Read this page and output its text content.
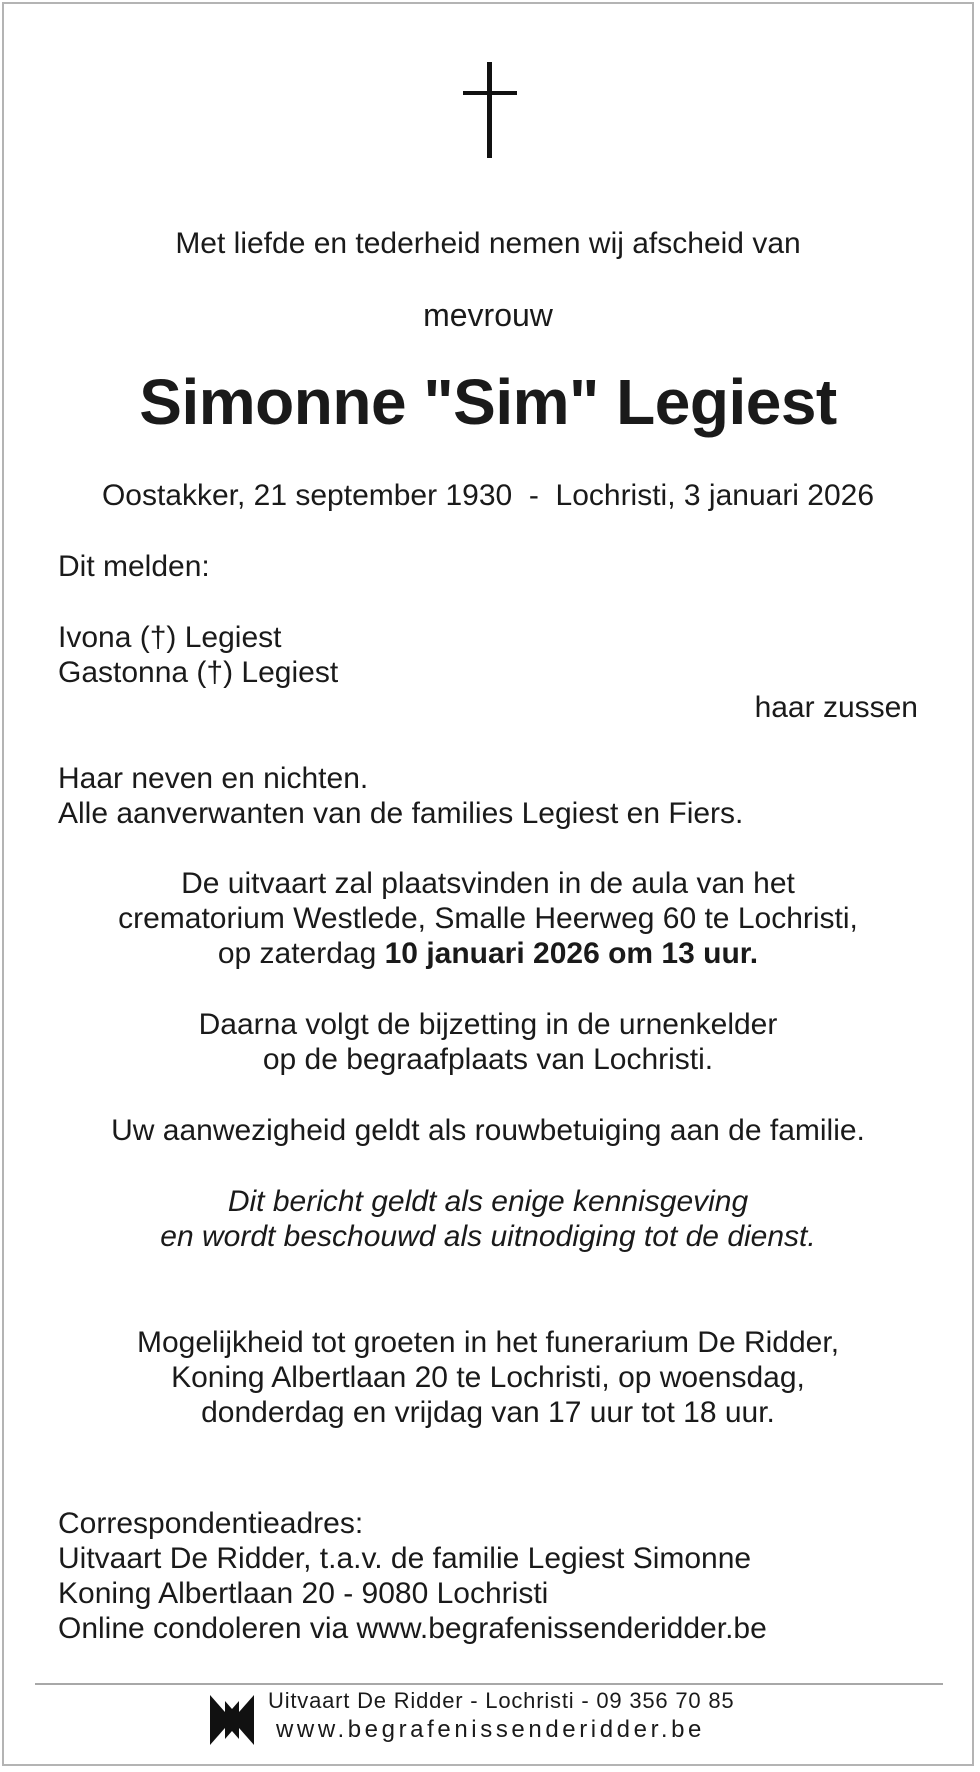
Met liefde en tederheid nemen wij afscheid van
mevrouw
Simonne "Sim" Legiest
Oostakker, 21 september 1930  -  Lochristi, 3 januari 2026
Dit melden:
Ivona (†) Legiest
Gastonna (†) Legiest
haar zussen
Haar neven en nichten.
Alle aanverwanten van de families Legiest en Fiers.
De uitvaart zal plaatsvinden in de aula van het
crematorium Westlede, Smalle Heerweg 60 te Lochristi,
op zaterdag 10 januari 2026 om 13 uur.
Daarna volgt de bijzetting in de urnenkelder
op de begraafplaats van Lochristi.
Uw aanwezigheid geldt als rouwbetuiging aan de familie.
Dit bericht geldt als enige kennisgeving
en wordt beschouwd als uitnodiging tot de dienst.
Mogelijkheid tot groeten in het funerarium De Ridder,
Koning Albertlaan 20 te Lochristi, op woensdag,
donderdag en vrijdag van 17 uur tot 18 uur.
Correspondentieadres:
Uitvaart De Ridder, t.a.v. de familie Legiest Simonne
Koning Albertlaan 20 - 9080 Lochristi
Online condoleren via www.begrafenissenderidder.be
Uitvaart De Ridder - Lochristi - 09 356 70 85
www.begrafenissenderidder.be
